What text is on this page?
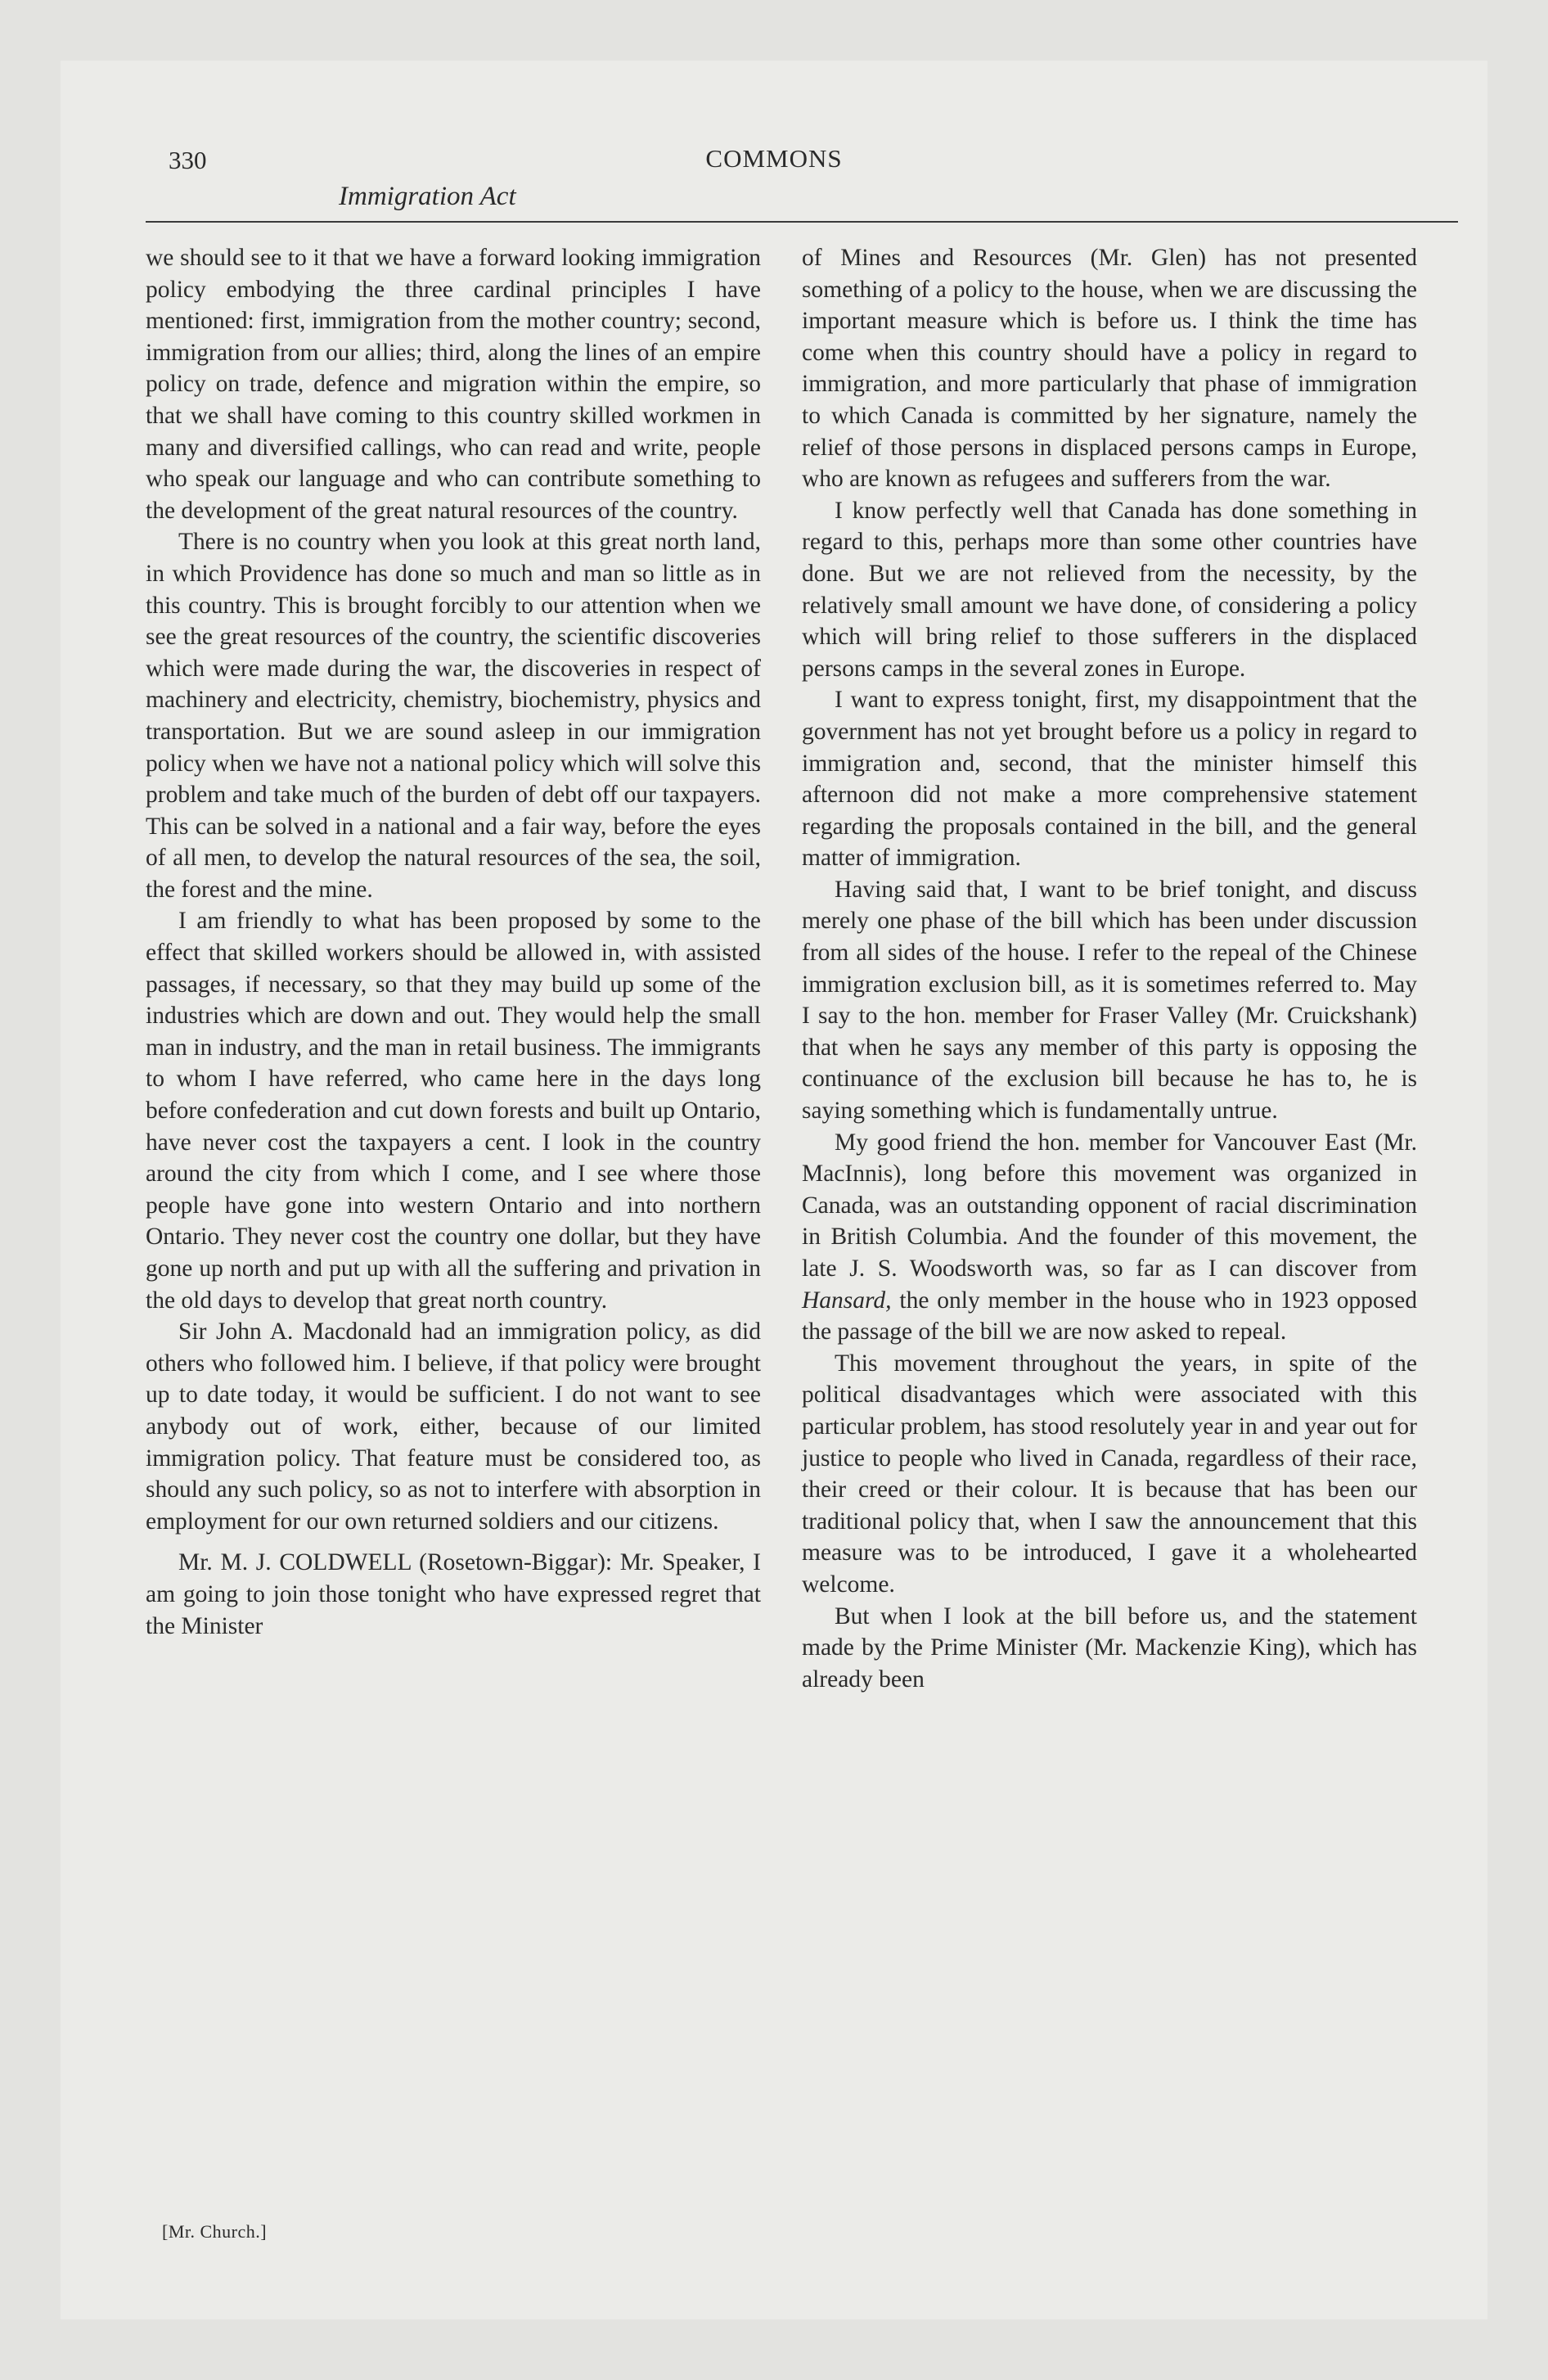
330	COMMONS
Immigration Act

we should see to it that we have a forward looking immigration policy embodying the three cardinal principles I have mentioned: first, immigration from the mother country; second, immigration from our allies; third, along the lines of an empire policy on trade, defence and migration within the empire, so that we shall have coming to this country skilled workmen in many and diversified callings, who can read and write, people who speak our language and who can contribute something to the development of the great natural resources of the country.

There is no country when you look at this great north land, in which Providence has done so much and man so little as in this country. This is brought forcibly to our attention when we see the great resources of the country, the scientific discoveries which were made during the war, the discoveries in respect of machinery and electricity, chemistry, biochemistry, physics and transportation. But we are sound asleep in our immigration policy when we have not a national policy which will solve this problem and take much of the burden of debt off our taxpayers. This can be solved in a national and a fair way, before the eyes of all men, to develop the natural resources of the sea, the soil, the forest and the mine.

I am friendly to what has been proposed by some to the effect that skilled workers should be allowed in, with assisted passages, if necessary, so that they may build up some of the industries which are down and out. They would help the small man in industry, and the man in retail business. The immigrants to whom I have referred, who came here in the days long before confederation and cut down forests and built up Ontario, have never cost the taxpayers a cent. I look in the country around the city from which I come, and I see where those people have gone into western Ontario and into northern Ontario. They never cost the country one dollar, but they have gone up north and put up with all the suffering and privation in the old days to develop that great north country.

Sir John A. Macdonald had an immigration policy, as did others who followed him. I believe, if that policy were brought up to date today, it would be sufficient. I do not want to see anybody out of work, either, because of our limited immigration policy. That feature must be considered too, as should any such policy, so as not to interfere with absorption in employment for our own returned soldiers and our citizens.

Mr. M. J. COLDWELL (Rosetown-Biggar): Mr. Speaker, I am going to join those tonight who have expressed regret that the Minister

of Mines and Resources (Mr. Glen) has not presented something of a policy to the house, when we are discussing the important measure which is before us. I think the time has come when this country should have a policy in regard to immigration, and more particularly that phase of immigration to which Canada is committed by her signature, namely the relief of those persons in displaced persons camps in Europe, who are known as refugees and sufferers from the war.

I know perfectly well that Canada has done something in regard to this, perhaps more than some other countries have done. But we are not relieved from the necessity, by the relatively small amount we have done, of considering a policy which will bring relief to those sufferers in the displaced persons camps in the several zones in Europe.

I want to express tonight, first, my disappointment that the government has not yet brought before us a policy in regard to immigration and, second, that the minister himself this afternoon did not make a more comprehensive statement regarding the proposals contained in the bill, and the general matter of immigration.

Having said that, I want to be brief tonight, and discuss merely one phase of the bill which has been under discussion from all sides of the house. I refer to the repeal of the Chinese immigration exclusion bill, as it is sometimes referred to. May I say to the hon. member for Fraser Valley (Mr. Cruickshank) that when he says any member of this party is opposing the continuance of the exclusion bill because he has to, he is saying something which is fundamentally untrue.

My good friend the hon. member for Vancouver East (Mr. MacInnis), long before this movement was organized in Canada, was an outstanding opponent of racial discrimination in British Columbia. And the founder of this movement, the late J. S. Woodsworth was, so far as I can discover from Hansard, the only member in the house who in 1923 opposed the passage of the bill we are now asked to repeal.

This movement throughout the years, in spite of the political disadvantages which were associated with this particular problem, has stood resolutely year in and year out for justice to people who lived in Canada, regardless of their race, their creed or their colour. It is because that has been our traditional policy that, when I saw the announcement that this measure was to be introduced, I gave it a wholehearted welcome.

But when I look at the bill before us, and the statement made by the Prime Minister (Mr. Mackenzie King), which has already been

[Mr. Church.]
